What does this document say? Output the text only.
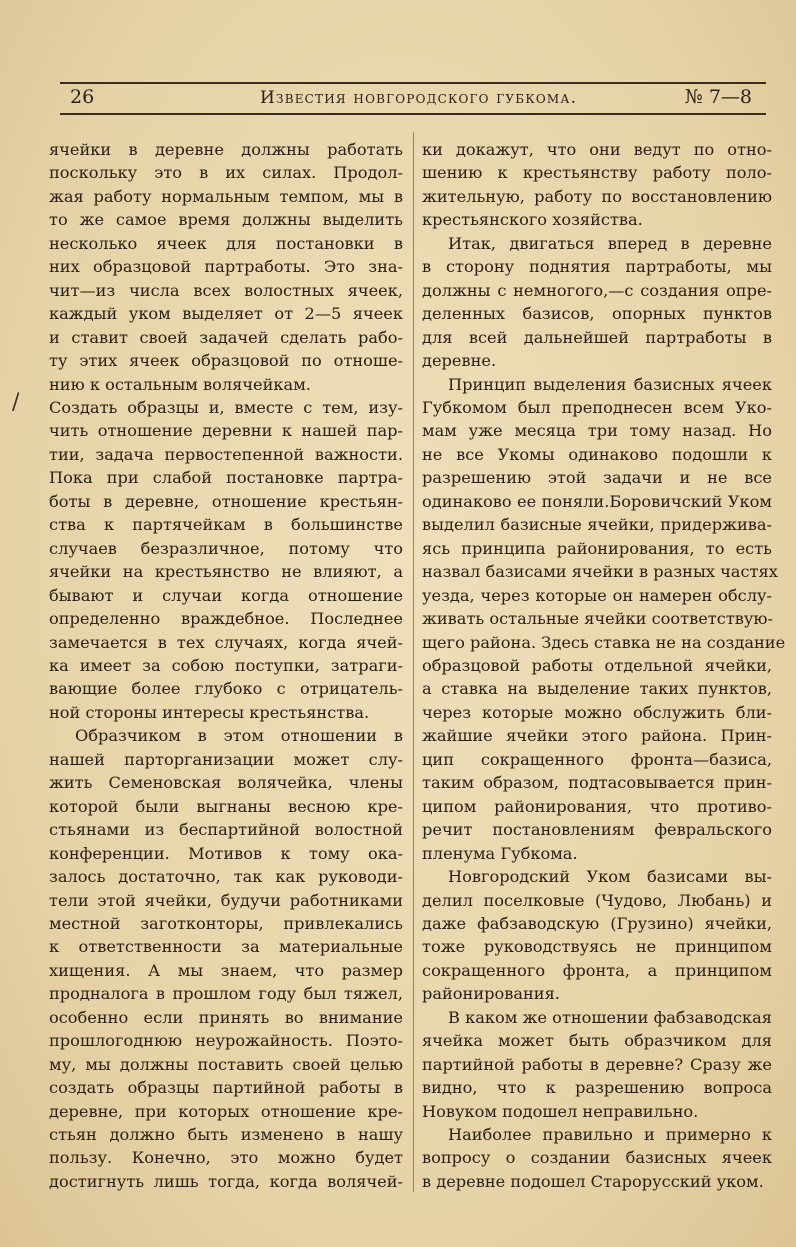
26	Известия новгородского губкома.	№ 7—8
/
ячейки в деревне должны работать
поскольку это в их силах. Продол-
жая работу нормальным темпом, мы в
то же самое время должны выделить
несколько ячеек для постановки в
них образцовой партработы. Это зна-
чит—из числа всех волостных ячеек,
каждый уком выделяет от 2—5 ячеек
и ставит своей задачей сделать рабо-
ту этих ячеек образцовой по отноше-
нию к остальным волячейкам.
Создать образцы и, вместе с тем, изу-
чить отношение деревни к нашей пар-
тии, задача первостепенной важности.
Пока при слабой постановке партра-
боты в деревне, отношение крестьян-
ства к партячейкам в большинстве
случаев безразличное, потому что
ячейки на крестьянство не влияют, а
бывают и случаи когда отношение
определенно враждебное. Последнее
замечается в тех случаях, когда ячей-
ка имеет за собою поступки, затраги-
вающие более глубоко с отрицатель-
ной стороны интересы крестьянства.
Образчиком в этом отношении в
нашей парторганизации может слу-
жить Семеновская волячейка, члены
которой были выгнаны весною кре-
стьянами из беспартийной волостной
конференции. Мотивов к тому ока-
залось достаточно, так как руководи-
тели этой ячейки, будучи работниками
местной заготконторы, привлекались
к ответственности за материальные
хищения. А мы знаем, что размер
продналога в прошлом году был тяжел,
особенно если принять во внимание
прошлогоднюю неурожайность. Поэто-
му, мы должны поставить своей целью
создать образцы партийной работы в
деревне, при которых отношение кре-
стьян должно быть изменено в нашу
пользу. Конечно, это можно будет
достигнуть лишь тогда, когда волячей-
ки докажут, что они ведут по отно-
шению к крестьянству работу поло-
жительную, работу по восстановлению
крестьянского хозяйства.
Итак, двигаться вперед в деревне
в сторону поднятия партработы, мы
должны с немногого,—с создания опре-
деленных базисов, опорных пунктов
для всей дальнейшей партработы в
деревне.
Принцип выделения базисных ячеек
Губкомом был преподнесен всем Уко-
мам уже месяца три тому назад. Но
не все Укомы одинаково подошли к
разрешению этой задачи и не все
одинаково ее поняли.Боровичский Уком
выделил базисные ячейки, придержива-
ясь принципа районирования, то есть
назвал базисами ячейки в разных частях
уезда, через которые он намерен обслу-
живать остальные ячейки соответствую-
щего района. Здесь ставка не на создание
образцовой работы отдельной ячейки,
а ставка на выделение таких пунктов,
через которые можно обслужить бли-
жайшие ячейки этого района. Прин-
цип сокращенного фронта—базиса,
таким образом, подтасовывается прин-
ципом районирования, что противо-
речит постановлениям февральского
пленума Губкома.
Новгородский Уком базисами вы-
делил поселковые (Чудово, Любань) и
даже фабзаводскую (Грузино) ячейки,
тоже руководствуясь не принципом
сокращенного фронта, а принципом
районирования.
В каком же отношении фабзаводская
ячейка может быть образчиком для
партийной работы в деревне? Сразу же
видно, что к разрешению вопроса
Новуком подошел неправильно.
Наиболее правильно и примерно к
вопросу о создании базисных ячеек
в деревне подошел Старорусский уком.
